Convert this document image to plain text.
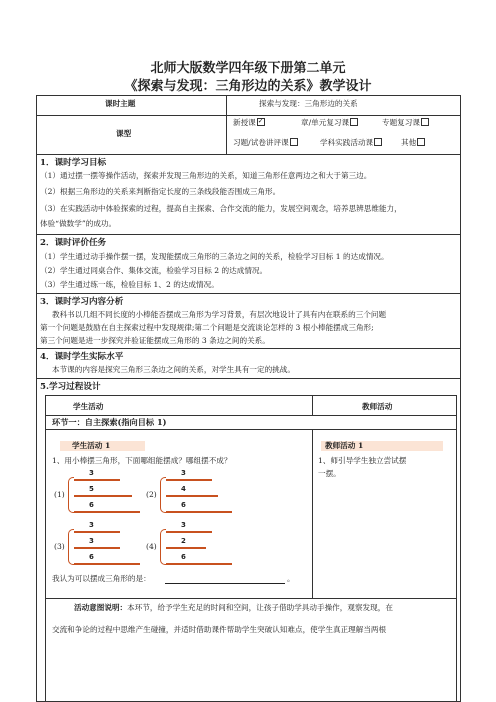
北师大版数学四年级下册第二单元
《探索与发现：三角形边的关系》教学设计
课时主题	探索与发现：三角形边的关系
课型
新授课✓	章/单元复习课	专题复习课
习题/试卷讲评课	学科实践活动课	其他
1．课时学习目标
（1）通过摆一摆等操作活动，探索并发现三角形边的关系，知道三角形任意两边之和大于第三边。
（2）根据三角形边的关系来判断指定长度的三条线段能否围成三角形。
（3）在实践活动中体验探索的过程，提高自主探索、合作交流的能力，发展空间观念，培养思辨思维能力，
体验“做数学”的成功。
2．课时评价任务
（1）学生通过动手操作摆一摆，发现能摆成三角形的三条边之间的关系，检验学习目标 1 的达成情况。
（2）学生通过同桌合作、集体交流，检验学习目标 2 的达成情况。
（3）学生通过练一练，检验目标 1、2 的达成情况。
3．课时学习内容分析
教科书以几组不同长度的小棒能否摆成三角形为学习背景，有层次地设计了具有内在联系的三个问题
第一个问题是鼓励在自主探索过程中发现规律;第二个问题是交流谈论怎样的 3 根小棒能摆成三角形;
第三个问题是进一步探究并验证能摆成三角形的 3 条边之间的关系。
4．课时学生实际水平
本节课的内容是探究三角形三条边之间的关系，对学生具有一定的挑战。
5.学习过程设计
学生活动	教师活动
环节一：自主探索(指向目标 1)
学生活动 1	教师活动 1
1、用小棒摆三角形，下面哪组能摆成？哪组摆不成？	1、师引导学生独立尝试摆
一摆。
(1)
3
5
6
(2)
3
4
6
(3)
3
3
6
(4)
3
2
6
我认为可以摆成三角形的是：	。
活动意图说明：本环节，给予学生充足的时间和空间，让孩子借助学具动手操作，观察发现，在
交流和争论的过程中思维产生碰撞，并适时借助课件帮助学生突破认知难点，使学生真正理解当两根
